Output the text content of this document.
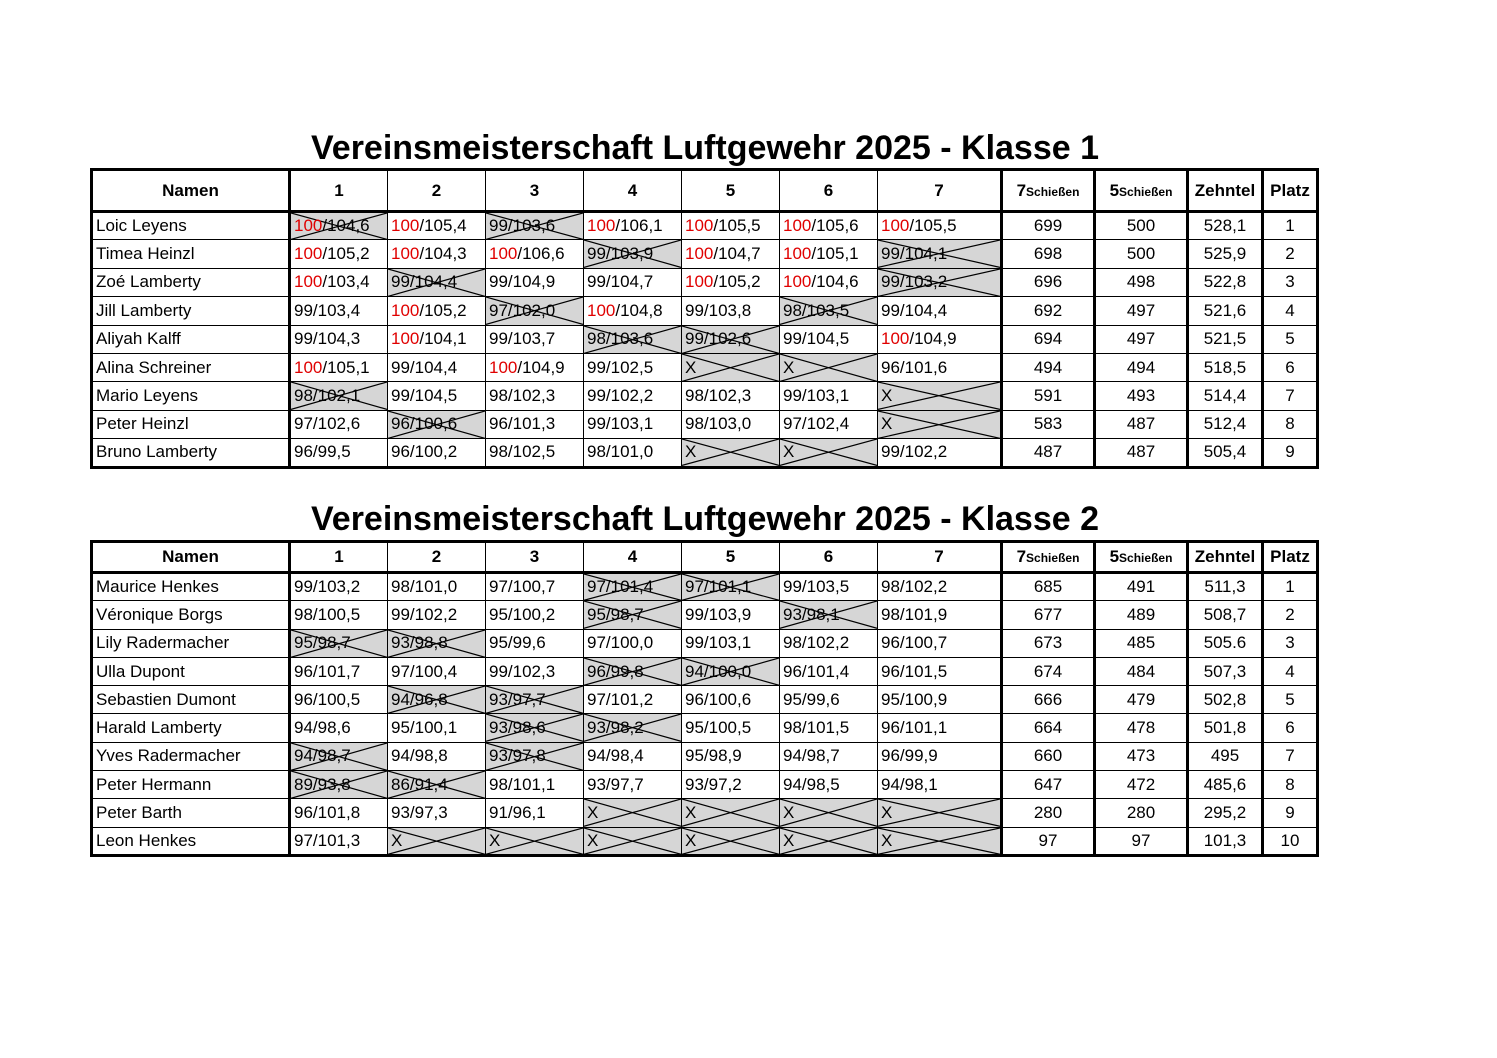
Vereinsmeisterschaft Luftgewehr 2025 - Klasse 1
Namen	1	2	3	4	5	6	7	7Schießen	5Schießen	Zehntel	Platz
Loic Leyens	100/104,6	100/105,4	99/103,6	100/106,1	100/105,5	100/105,6	100/105,5	699	500	528,1	1
Timea Heinzl	100/105,2	100/104,3	100/106,6	99/103,9	100/104,7	100/105,1	99/104,1	698	500	525,9	2
Zoé Lamberty	100/103,4	99/104,4	99/104,9	99/104,7	100/105,2	100/104,6	99/103,2	696	498	522,8	3
Jill Lamberty	99/103,4	100/105,2	97/102,0	100/104,8	99/103,8	98/103,5	99/104,4	692	497	521,6	4
Aliyah Kalff	99/104,3	100/104,1	99/103,7	98/103,6	99/102,6	99/104,5	100/104,9	694	497	521,5	5
Alina Schreiner	100/105,1	99/104,4	100/104,9	99/102,5	X	X	96/101,6	494	494	518,5	6
Mario Leyens	98/102,1	99/104,5	98/102,3	99/102,2	98/102,3	99/103,1	X	591	493	514,4	7
Peter Heinzl	97/102,6	96/100,6	96/101,3	99/103,1	98/103,0	97/102,4	X	583	487	512,4	8
Bruno Lamberty	96/99,5	96/100,2	98/102,5	98/101,0	X	X	99/102,2	487	487	505,4	9
Vereinsmeisterschaft Luftgewehr 2025 - Klasse 2
Namen	1	2	3	4	5	6	7	7Schießen	5Schießen	Zehntel	Platz
Maurice Henkes	99/103,2	98/101,0	97/100,7	97/101,4	97/101,1	99/103,5	98/102,2	685	491	511,3	1
Véronique Borgs	98/100,5	99/102,2	95/100,2	95/98,7	99/103,9	93/98,1	98/101,9	677	489	508,7	2
Lily Radermacher	95/98,7	93/98,8	95/99,6	97/100,0	99/103,1	98/102,2	96/100,7	673	485	505.6	3
Ulla Dupont	96/101,7	97/100,4	99/102,3	96/99,8	94/100,0	96/101,4	96/101,5	674	484	507,3	4
Sebastien Dumont	96/100,5	94/96,8	93/97,7	97/101,2	96/100,6	95/99,6	95/100,9	666	479	502,8	5
Harald Lamberty	94/98,6	95/100,1	93/98,6	93/98,2	95/100,5	98/101,5	96/101,1	664	478	501,8	6
Yves Radermacher	94/98,7	94/98,8	93/97,8	94/98,4	95/98,9	94/98,7	96/99,9	660	473	495	7
Peter Hermann	89/93,8	86/91,4	98/101,1	93/97,7	93/97,2	94/98,5	94/98,1	647	472	485,6	8
Peter Barth	96/101,8	93/97,3	91/96,1	X	X	X	X	280	280	295,2	9
Leon Henkes	97/101,3	X	X	X	X	X	X	97	97	101,3	10
